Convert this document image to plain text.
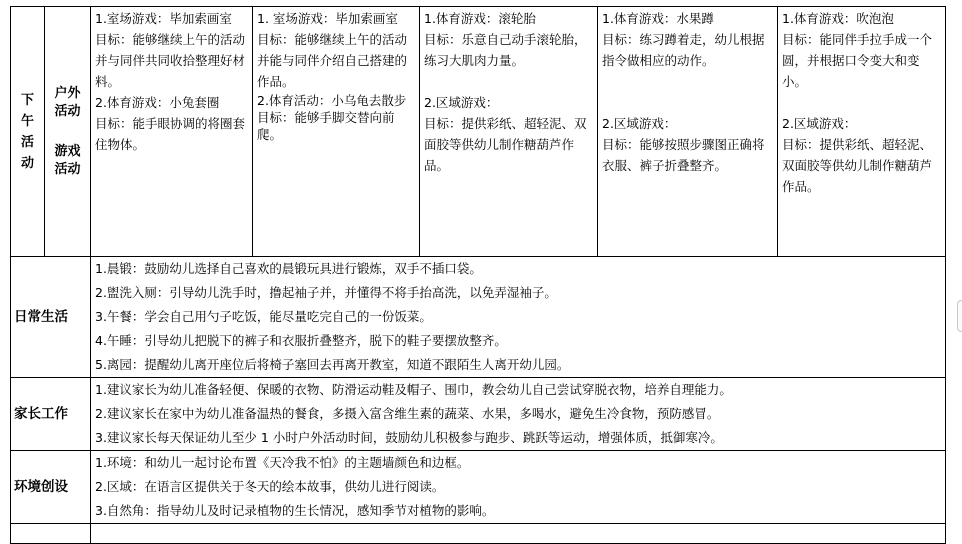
下午活动	户外活动
游戏活动	1.室场游戏：毕加索画室
目标：能够继续上午的活动并与同伴共同收拾整理好材料。
2.体育游戏：小兔套圈
目标：能手眼协调的将圈套住物体。	1. 室场游戏：毕加索画室
目标：能够继续上午的活动并能与同伴介绍自己搭建的作品。
2.体育活动：小乌龟去散步
目标：能够手脚交替向前爬。	1.体育游戏：滚轮胎
目标：乐意自己动手滚轮胎，练习大肌肉力量。
2.区域游戏：
目标：提供彩纸、超轻泥、双面胶等供幼儿制作糖葫芦作品。	1.体育游戏：水果蹲
目标：练习蹲着走，幼儿根据指令做相应的动作。
2.区域游戏：
目标：能够按照步骤图正确将衣服、裤子折叠整齐。	1.体育游戏：吹泡泡
目标：能同伴手拉手成一个圆，并根据口令变大和变小。
2.区域游戏：
目标：提供彩纸、超轻泥、双面胶等供幼儿制作糖葫芦作品。

日常生活		1.晨锻：鼓励幼儿选择自己喜欢的晨锻玩具进行锻炼，双手不插口袋。
2.盥洗入厕：引导幼儿洗手时，撸起袖子并，并懂得不将手抬高洗，以免弄湿袖子。
3.午餐：学会自己用勺子吃饭，能尽量吃完自己的一份饭菜。
4.午睡：引导幼儿把脱下的裤子和衣服折叠整齐，脱下的鞋子要摆放整齐。
5.离园：提醒幼儿离开座位后将椅子塞回去再离开教室，知道不跟陌生人离开幼儿园。				

家长工作		1.建议家长为幼儿准备轻便、保暖的衣物、防滑运动鞋及帽子、围巾，教会幼儿自己尝试穿脱衣物，培养自理能力。
2.建议家长在家中为幼儿准备温热的餐食，多摄入富含维生素的蔬菜、水果，多喝水，避免生冷食物，预防感冒。
3.建议家长每天保证幼儿至少 1 小时户外活动时间，鼓励幼儿积极参与跑步、跳跃等运动，增强体质，抵御寒冷。				

环境创设		1.环境：和幼儿一起讨论布置《天冷我不怕》的主题墙颜色和边框。
2.区域：在语言区提供关于冬天的绘本故事，供幼儿进行阅读。
3.自然角：指导幼儿及时记录植物的生长情况，感知季节对植物的影响。				
